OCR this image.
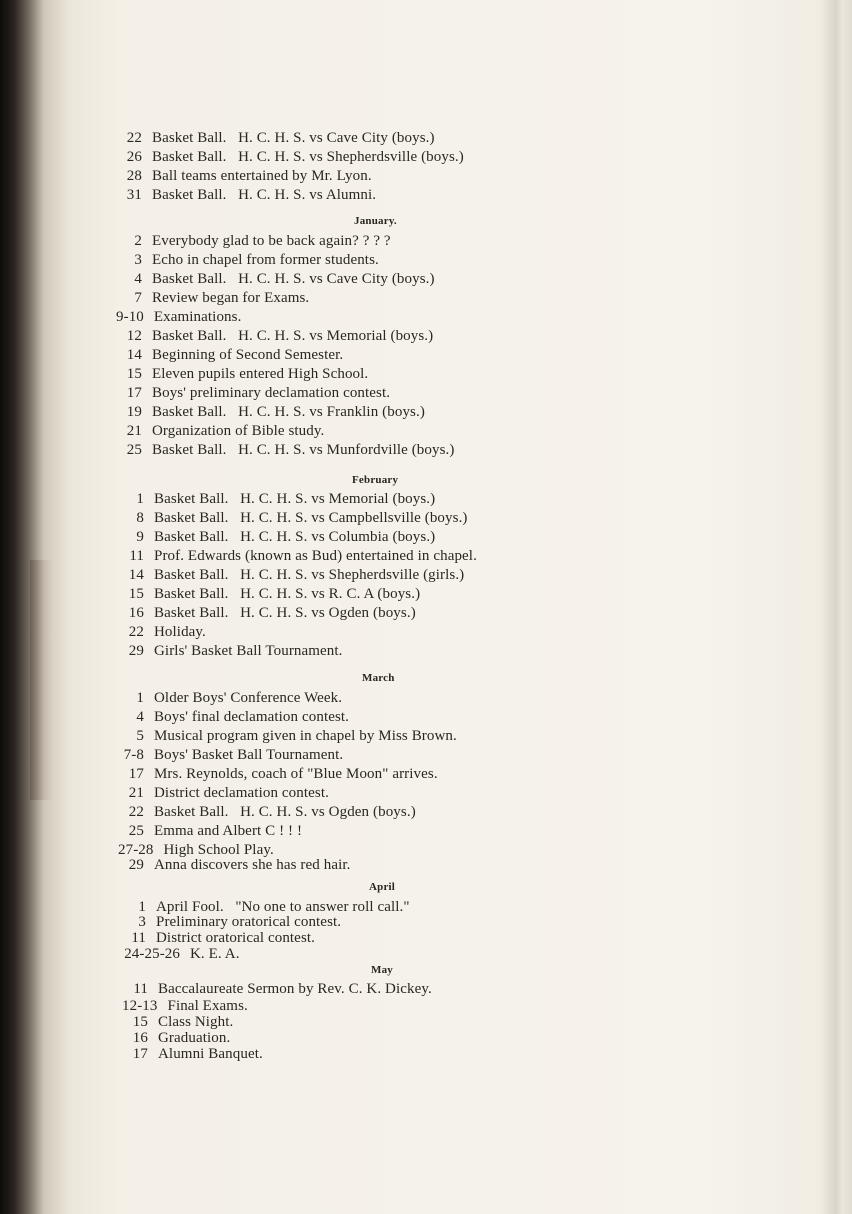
22 Basket Ball.   H. C. H. S. vs Cave City (boys.)
26 Basket Ball.   H. C. H. S. vs Shepherdsville (boys.)
28 Ball teams entertained by Mr. Lyon.
31 Basket Ball.   H. C. H. S. vs Alumni.
January.
2 Everybody glad to be back again? ? ? ?
3 Echo in chapel from former students.
4 Basket Ball.   H. C. H. S. vs Cave City (boys.)
7 Review began for Exams.
9-10 Examinations.
12 Basket Ball.   H. C. H. S. vs Memorial (boys.)
14 Beginning of Second Semester.
15 Eleven pupils entered High School.
17 Boys' preliminary declamation contest.
19 Basket Ball.   H. C. H. S. vs Franklin (boys.)
21 Organization of Bible study.
25 Basket Ball.   H. C. H. S. vs Munfordville (boys.)
February
1 Basket Ball.   H. C. H. S. vs Memorial (boys.)
8 Basket Ball.   H. C. H. S. vs Campbellsville (boys.)
9 Basket Ball.   H. C. H. S. vs Columbia (boys.)
11 Prof. Edwards (known as Bud) entertained in chapel.
14 Basket Ball.   H. C. H. S. vs Shepherdsville (girls.)
15 Basket Ball.   H. C. H. S. vs R. C. A (boys.)
16 Basket Ball.   H. C. H. S. vs Ogden (boys.)
22 Holiday.
29 Girls' Basket Ball Tournament.
March
1 Older Boys' Conference Week.
4 Boys' final declamation contest.
5 Musical program given in chapel by Miss Brown.
7-8 Boys' Basket Ball Tournament.
17 Mrs. Reynolds, coach of "Blue Moon" arrives.
21 District declamation contest.
22 Basket Ball.   H. C. H. S. vs Ogden (boys.)
25 Emma and Albert C ! ! !
27-28 High School Play.
29 Anna discovers she has red hair.
April
1 April Fool.   "No one to answer roll call."
3 Preliminary oratorical contest.
11 District oratorical contest.
24-25-26 K. E. A.
May
11 Baccalaureate Sermon by Rev. C. K. Dickey.
12-13 Final Exams.
15 Class Night.
16 Graduation.
17 Alumni Banquet.
